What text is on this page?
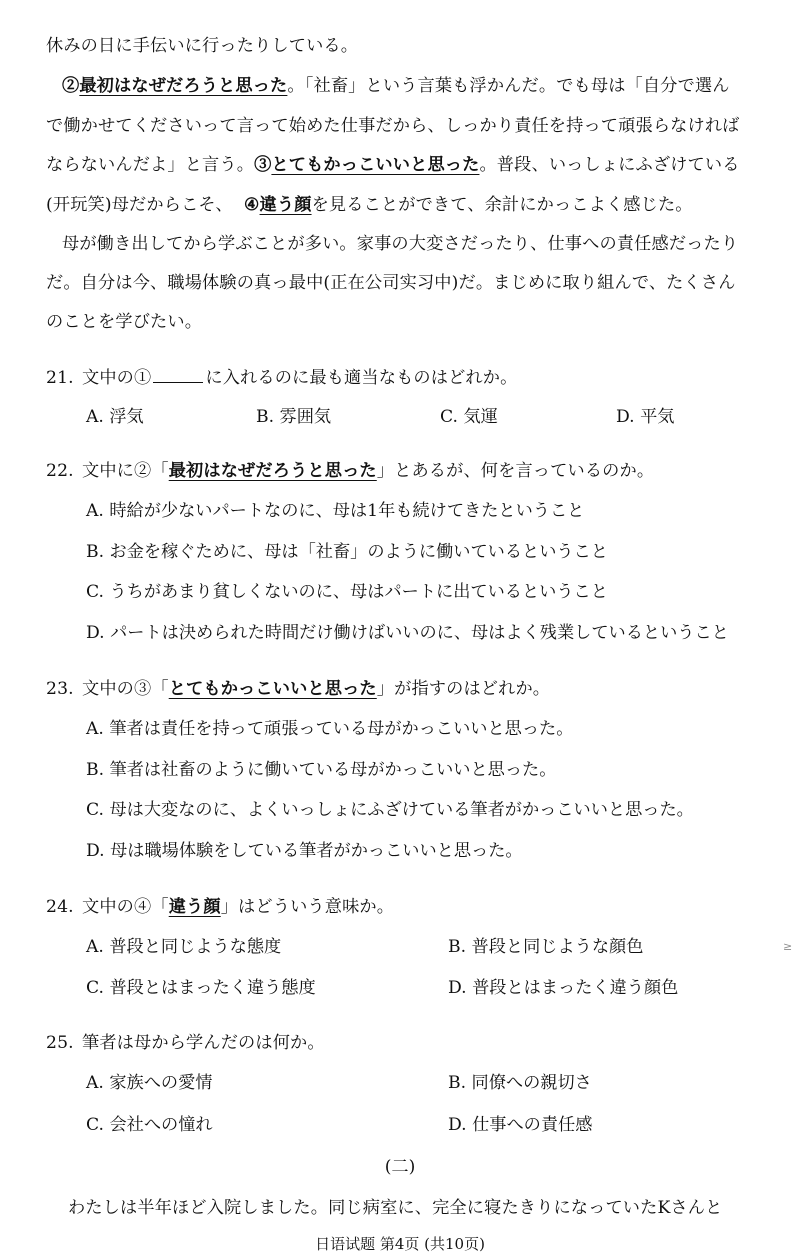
休みの日に手伝いに行ったりしている。
②最初はなぜだろうと思った。「社畜」という言葉も浮かんだ。でも母は「自分で選ん
で働かせてくださいって言って始めた仕事だから、しっかり責任を持って頑張らなければ
ならないんだよ」と言う。③とてもかっこいいと思った。普段、いっしょにふざけている
(开玩笑)母だからこそ、 ④違う顔を見ることができて、余計にかっこよく感じた。
母が働き出してから学ぶことが多い。家事の大変さだったり、仕事への責任感だったり
だ。自分は今、職場体験の真っ最中(正在公司实习中)だ。まじめに取り組んで、たくさん
のことを学びたい。
21. 文中の①	に入れるのに最も適当なものはどれか。
A. 浮気	B. 雰囲気	C. 気運	D. 平気
22. 文中に②「最初はなぜだろうと思った」とあるが、何を言っているのか。
A. 時給が少ないパートなのに、母は1年も続けてきたということ
B. お金を稼ぐために、母は「社畜」のように働いているということ
C. うちがあまり貧しくないのに、母はパートに出ているということ
D. パートは決められた時間だけ働けばいいのに、母はよく残業しているということ
23. 文中の③「とてもかっこいいと思った」が指すのはどれか。
A. 筆者は責任を持って頑張っている母がかっこいいと思った。
B. 筆者は社畜のように働いている母がかっこいいと思った。
C. 母は大変なのに、よくいっしょにふざけている筆者がかっこいいと思った。
D. 母は職場体験をしている筆者がかっこいいと思った。
24. 文中の④「違う顔」はどういう意味か。
A. 普段と同じような態度	B. 普段と同じような顔色
C. 普段とはまったく違う態度	D. 普段とはまったく違う顔色
25. 筆者は母から学んだのは何か。
A. 家族への愛情	B. 同僚への親切さ
C. 会社への憧れ	D. 仕事への責任感
(二)
わたしは半年ほど入院しました。同じ病室に、完全に寝たきりになっていたKさんと
日语试题 第4页 (共10页)
≥
